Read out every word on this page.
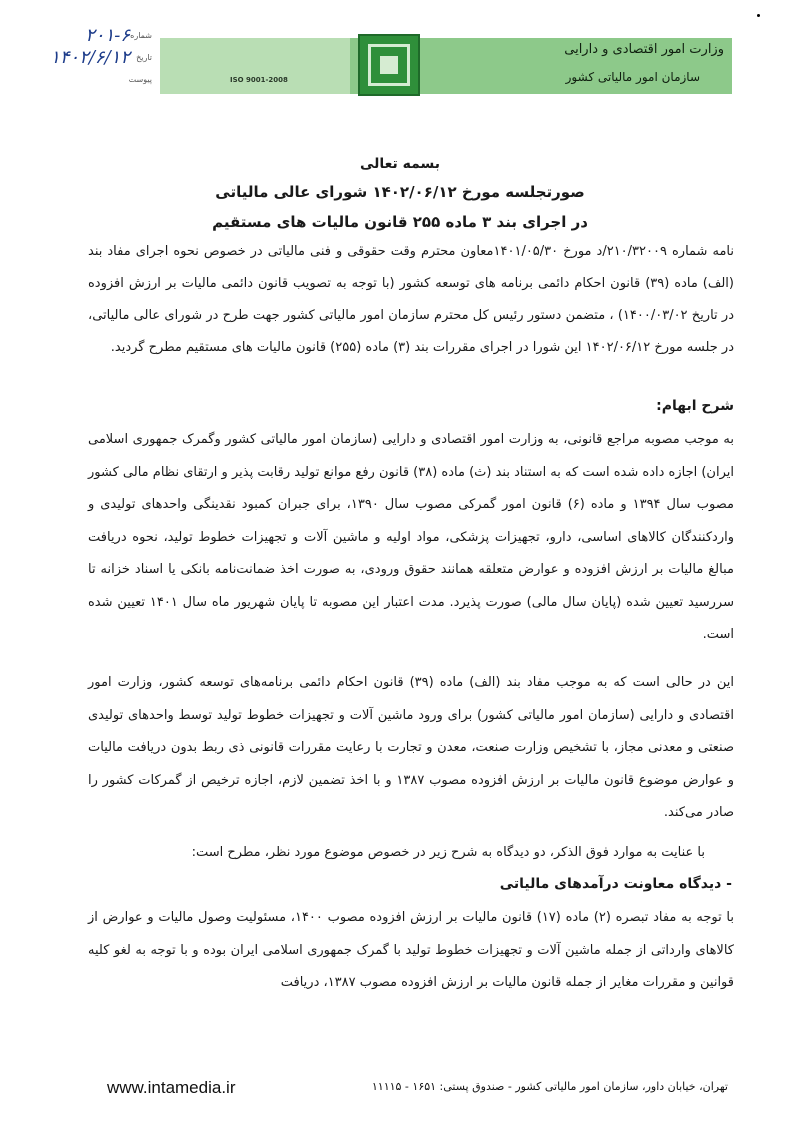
ISO 9001-2008
وزارت امور اقتصادی و دارایی
سازمان امور مالیاتی کشور
شماره
۲۰۱-۶
تاریخ
۱۴۰۲/۶/۱۲
پیوست
بسمه تعالی
صورتجلسه مورخ ۱۴۰۲/۰۶/۱۲ شورای عالی مالیاتی
در اجرای بند ۳ ماده ۲۵۵ قانون مالیات های مستقیم

نامه شماره ۲۱۰/۳۲۰۰۹/د مورخ ۱۴۰۱/۰۵/۳۰معاون محترم وقت حقوقی و فنی مالیاتی در خصوص نحوه اجرای مفاد بند (الف) ماده (۳۹) قانون احکام دائمی برنامه های توسعه کشور (با توجه به تصویب قانون دائمی مالیات بر ارزش افزوده در تاریخ ۱۴۰۰/۰۳/۰۲) ، متضمن دستور رئیس کل محترم سازمان امور مالیاتی کشور جهت طرح در شورای عالی مالیاتی، در جلسه مورخ ۱۴۰۲/۰۶/۱۲ این شورا در اجرای مقررات بند (۳) ماده (۲۵۵) قانون مالیات های مستقیم مطرح گردید.

شرح ابهام:

به موجب مصوبه مراجع قانونی، به وزارت امور اقتصادی و دارایی (سازمان امور مالیاتی کشور وگمرک جمهوری اسلامی ایران) اجازه داده شده است که به استناد بند (ث) ماده (۳۸) قانون رفع موانع تولید رقابت پذیر و ارتقای نظام مالی کشور مصوب سال ۱۳۹۴ و ماده (۶) قانون امور گمرکی مصوب سال ۱۳۹۰، برای جبران کمبود نقدینگی واحدهای تولیدی و واردکنندگان کالاهای اساسی، دارو، تجهیزات پزشکی، مواد اولیه و ماشین آلات و تجهیزات خطوط تولید، نحوه دریافت مبالغ مالیات بر ارزش افزوده و عوارض متعلقه همانند حقوق ورودی، به صورت اخذ ضمانت‌نامه بانکی یا اسناد خزانه تا سررسید تعیین شده (پایان سال مالی) صورت پذیرد. مدت اعتبار این مصوبه تا پایان شهریور ماه سال ۱۴۰۱ تعیین شده است.

این در حالی است که به موجب مفاد بند (الف) ماده (۳۹) قانون احکام دائمی برنامه‌های توسعه کشور، وزارت امور اقتصادی و دارایی (سازمان امور مالیاتی کشور) برای ورود ماشین آلات و تجهیزات خطوط تولید توسط واحدهای تولیدی صنعتی و معدنی مجاز، با تشخیص وزارت صنعت، معدن و تجارت با رعایت مقررات قانونی ذی ربط بدون دریافت مالیات و عوارض موضوع قانون مالیات بر ارزش افزوده مصوب ۱۳۸۷ و با اخذ تضمین لازم، اجازه ترخیص از گمرکات کشور را صادر می‌کند.

با عنایت به موارد فوق الذکر، دو دیدگاه به شرح زیر در خصوص موضوع مورد نظر، مطرح است:
- دیدگاه معاونت درآمدهای مالیاتی

با توجه به مفاد تبصره (۲) ماده (۱۷) قانون مالیات بر ارزش افزوده مصوب ۱۴۰۰، مسئولیت وصول مالیات و عوارض از کالاهای وارداتی از جمله ماشین آلات و تجهیزات خطوط تولید با گمرک جمهوری اسلامی ایران بوده و با توجه به لغو کلیه قوانین و مقررات مغایر از جمله قانون مالیات بر ارزش افزوده مصوب ۱۳۸۷، دریافت

www.intamedia.ir	تهران، خیابان داور، سازمان امور مالیاتی کشور - صندوق پستی: ۱۶۵۱ - ۱۱۱۱۵
